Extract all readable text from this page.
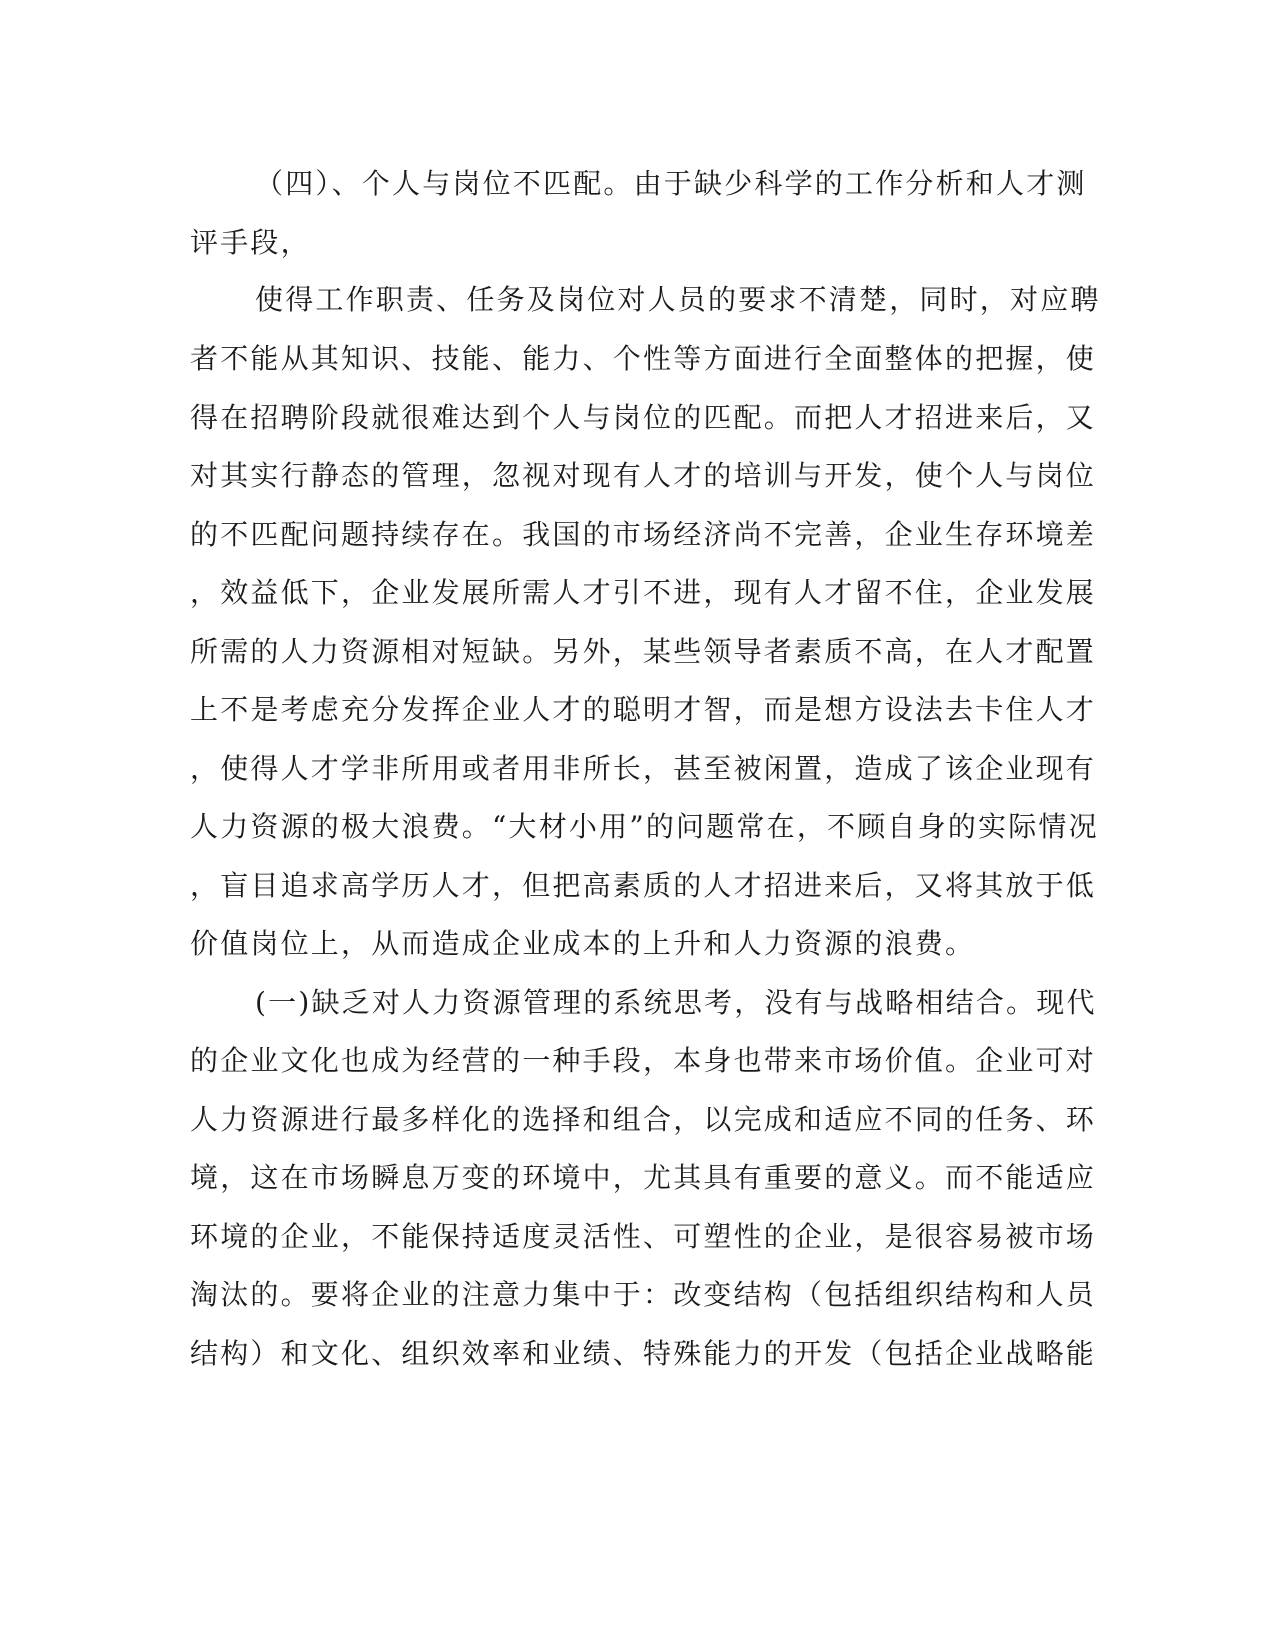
（四）、个人与岗位不匹配。由于缺少科学的工作分析和人才测

评手段，

使得工作职责、任务及岗位对人员的要求不清楚，同时，对应聘

者不能从其知识、技能、能力、个性等方面进行全面整体的把握，使

得在招聘阶段就很难达到个人与岗位的匹配。而把人才招进来后，又

对其实行静态的管理，忽视对现有人才的培训与开发，使个人与岗位

的不匹配问题持续存在。我国的市场经济尚不完善，企业生存环境差

，效益低下，企业发展所需人才引不进，现有人才留不住，企业发展

所需的人力资源相对短缺。另外，某些领导者素质不高，在人才配置

上不是考虑充分发挥企业人才的聪明才智，而是想方设法去卡住人才

，使得人才学非所用或者用非所长，甚至被闲置，造成了该企业现有

人力资源的极大浪费。“大材小用”的问题常在，不顾自身的实际情况

，盲目追求高学历人才，但把高素质的人才招进来后，又将其放于低

价值岗位上，从而造成企业成本的上升和人力资源的浪费。

(一)缺乏对人力资源管理的系统思考，没有与战略相结合。现代

的企业文化也成为经营的一种手段，本身也带来市场价值。企业可对

人力资源进行最多样化的选择和组合，以完成和适应不同的任务、环

境，这在市场瞬息万变的环境中，尤其具有重要的意义。而不能适应

环境的企业，不能保持适度灵活性、可塑性的企业，是很容易被市场

淘汰的。要将企业的注意力集中于：改变结构（包括组织结构和人员

结构）和文化、组织效率和业绩、特殊能力的开发（包括企业战略能
